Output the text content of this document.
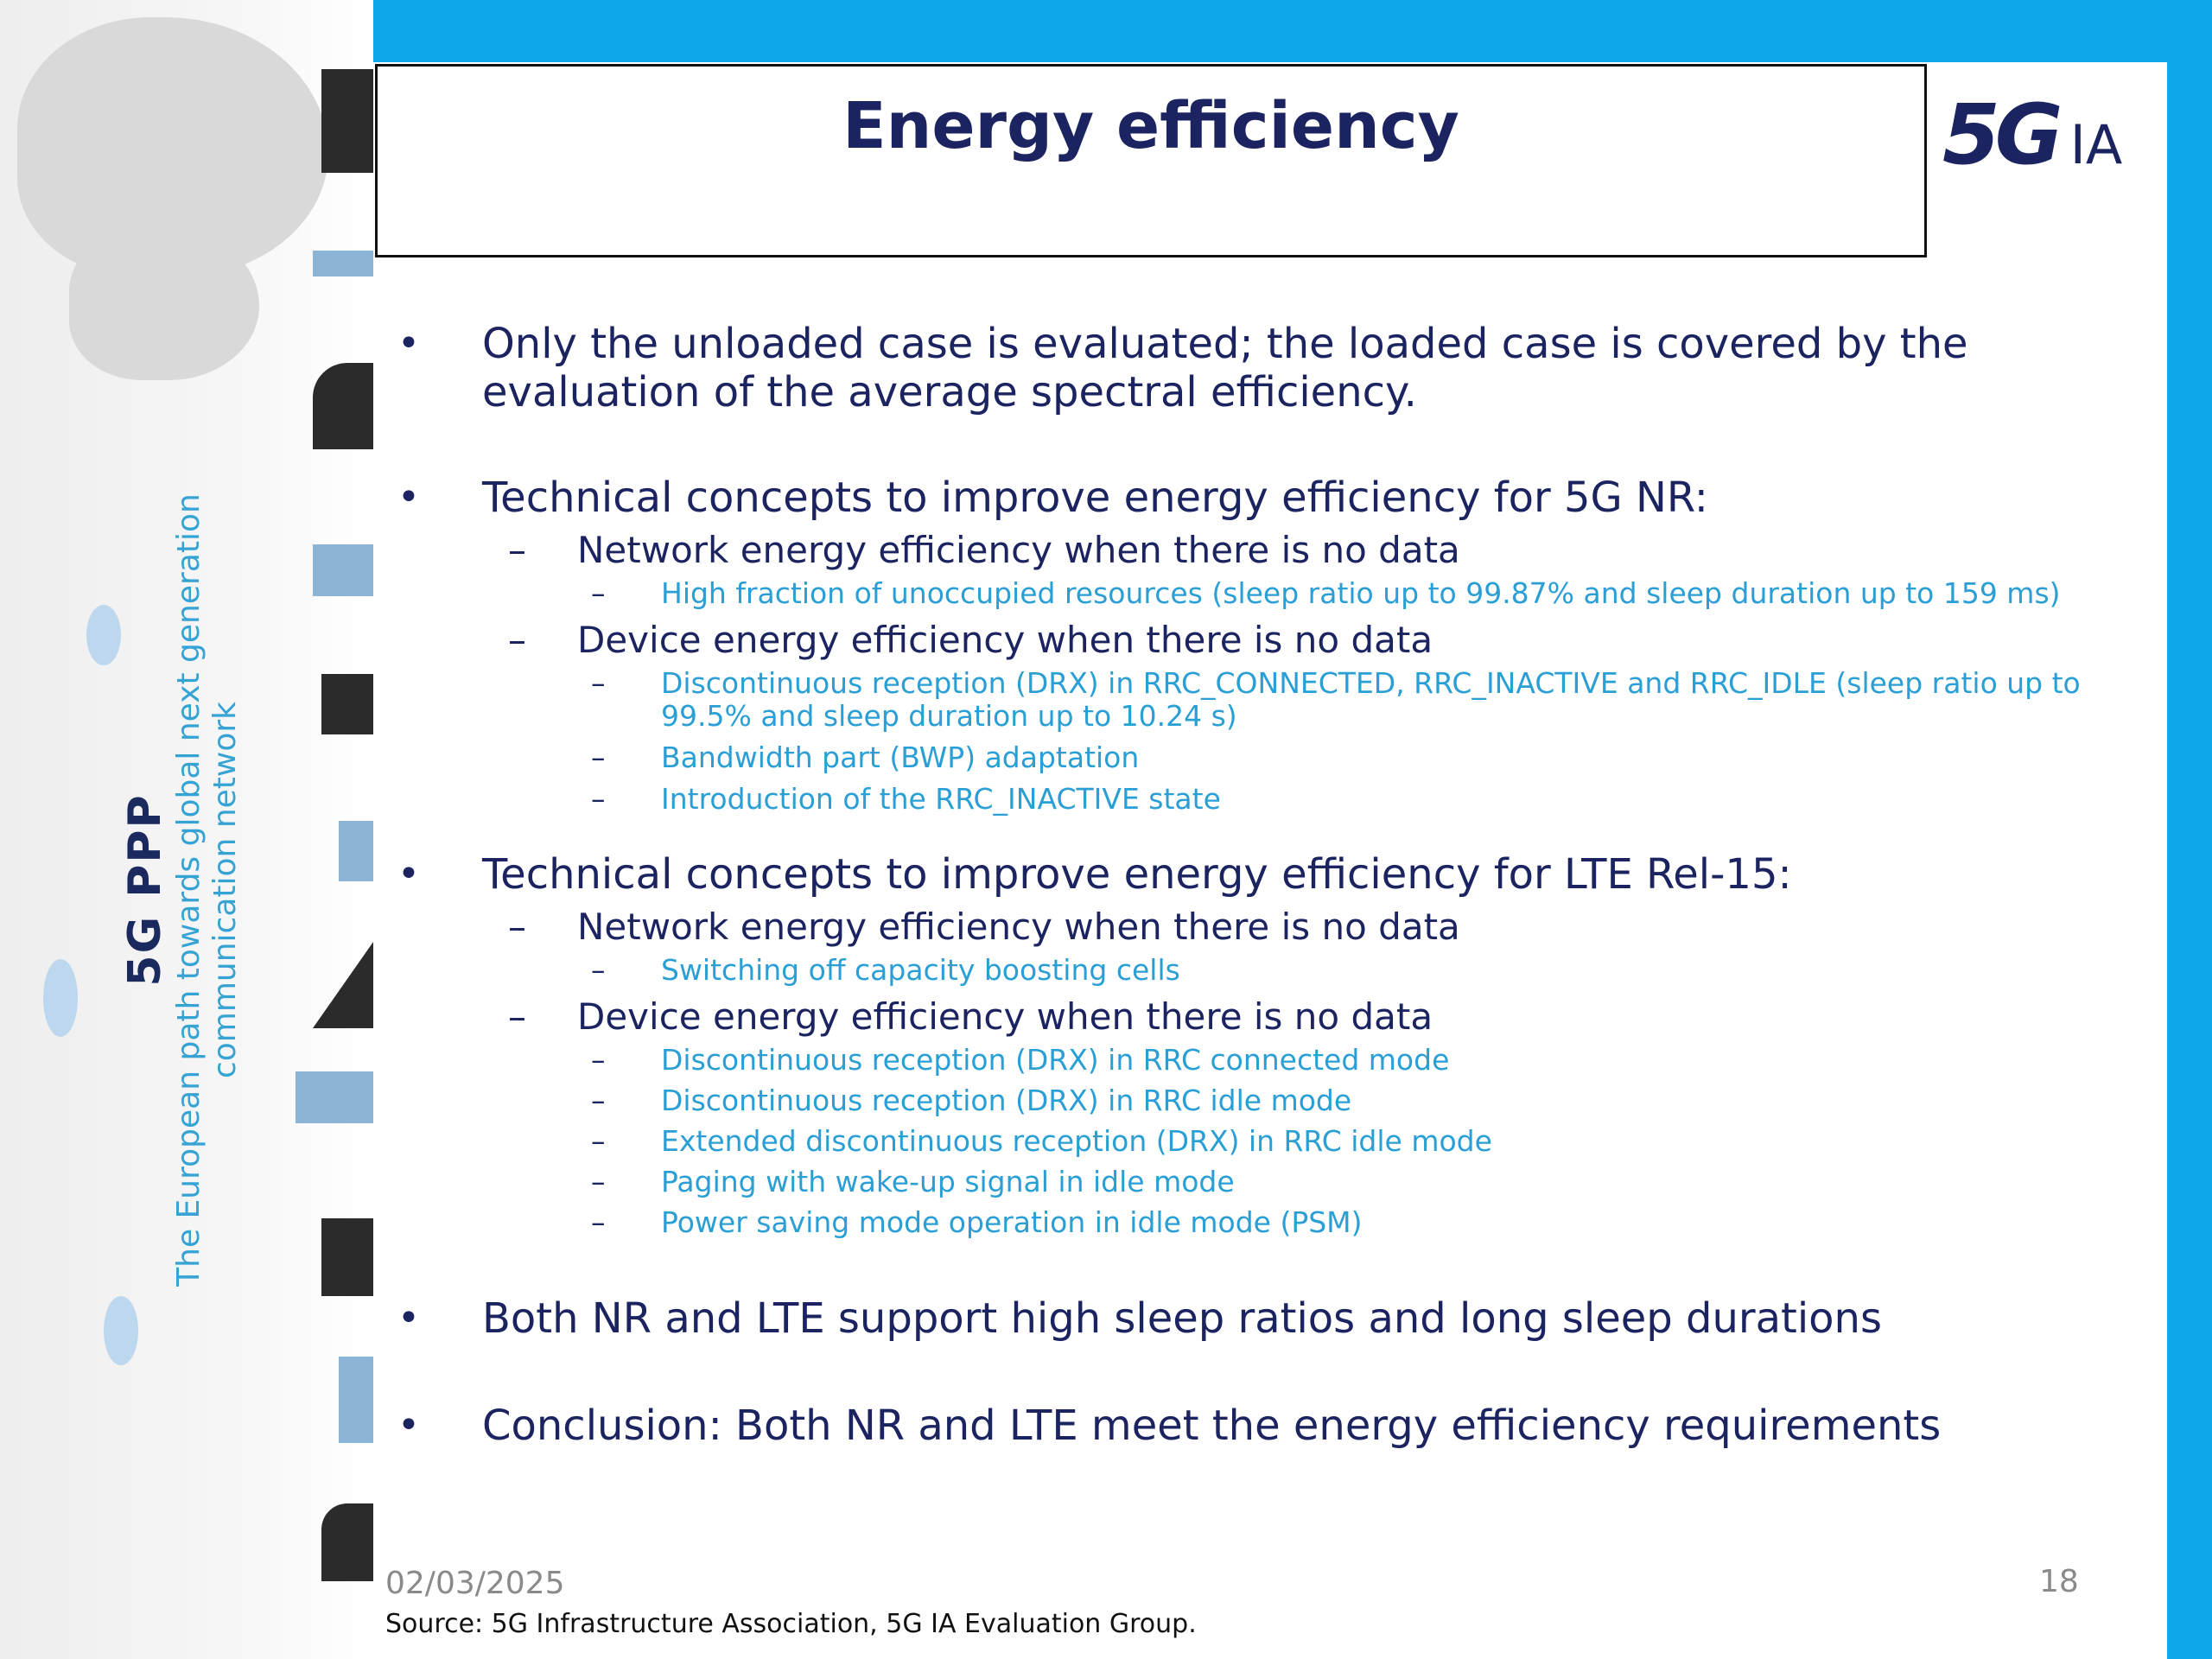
5G PPP The European path towards global next generation communication network
Energy efficiency	5G IA
• Only the unloaded case is evaluated; the loaded case is covered by the evaluation of the average spectral efficiency.
• Technical concepts to improve energy efficiency for 5G NR:
– Network energy efficiency when there is no data
– High fraction of unoccupied resources (sleep ratio up to 99.87% and sleep duration up to 159 ms)
– Device energy efficiency when there is no data
– Discontinuous reception (DRX) in RRC_CONNECTED, RRC_INACTIVE and RRC_IDLE (sleep ratio up to 99.5% and sleep duration up to 10.24 s)
– Bandwidth part (BWP) adaptation
– Introduction of the RRC_INACTIVE state
• Technical concepts to improve energy efficiency for LTE Rel-15:
– Network energy efficiency when there is no data
– Switching off capacity boosting cells
– Device energy efficiency when there is no data
– Discontinuous reception (DRX) in RRC connected mode
– Discontinuous reception (DRX) in RRC idle mode
– Extended discontinuous reception (DRX) in RRC idle mode
– Paging with wake-up signal in idle mode
– Power saving mode operation in idle mode (PSM)
• Both NR and LTE support high sleep ratios and long sleep durations
• Conclusion: Both NR and LTE meet the energy efficiency requirements
02/03/2025
Source: 5G Infrastructure Association, 5G IA Evaluation Group.
18
